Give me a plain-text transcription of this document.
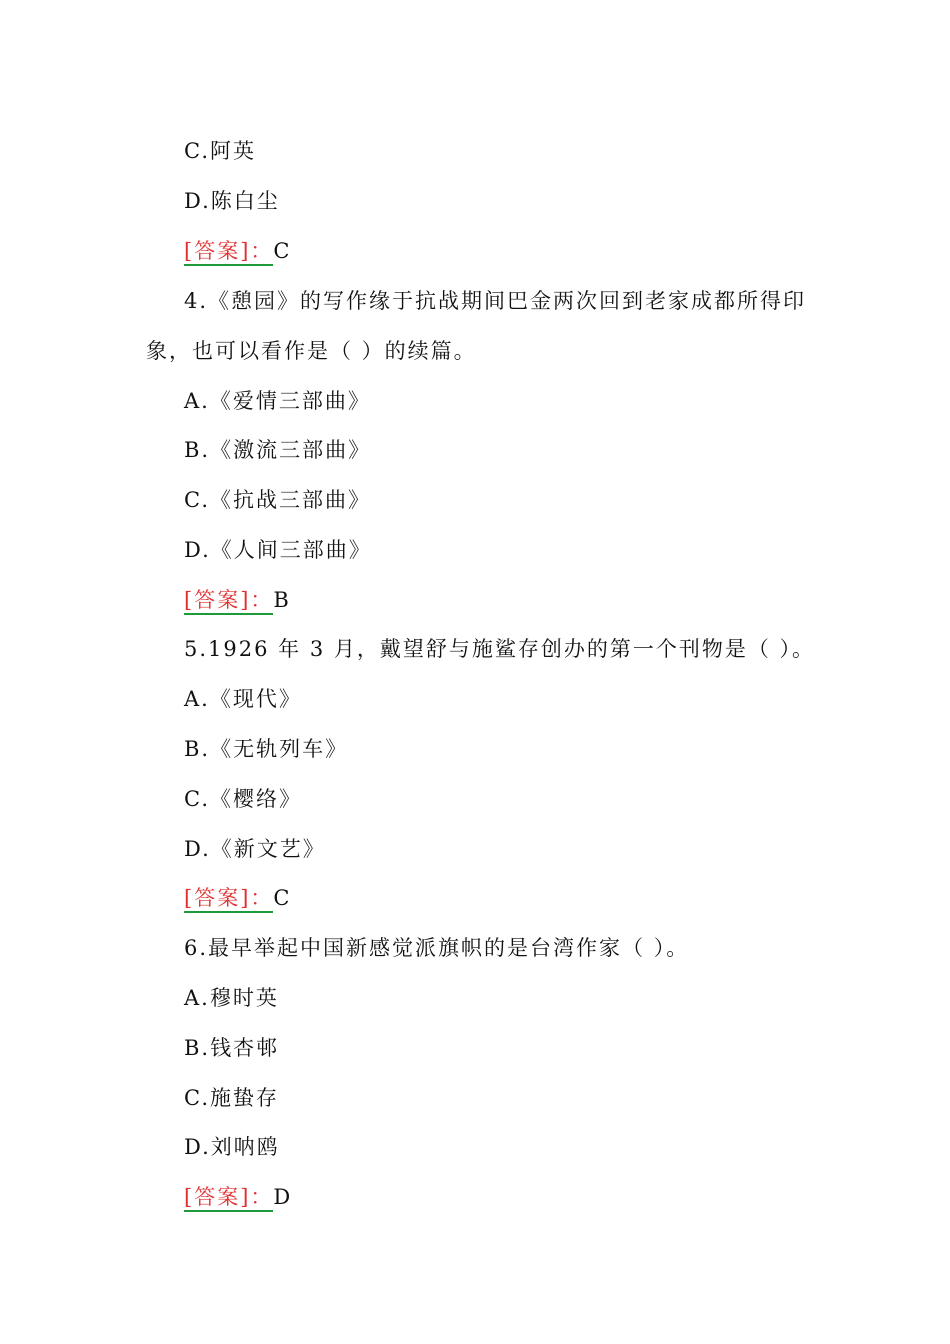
C.阿英
D.陈白尘
[答案]：C
4.《憩园》的写作缘于抗战期间巴金两次回到老家成都所得印
象，也可以看作是（ ）的续篇。
A.《爱情三部曲》
B.《激流三部曲》
C.《抗战三部曲》
D.《人间三部曲》
[答案]：B
5.1926 年 3 月，戴望舒与施鲨存创办的第一个刊物是（ ）。
A.《现代》
B.《无轨列车》
C.《樱络》
D.《新文艺》
[答案]：C
6.最早举起中国新感觉派旗帜的是台湾作家（ ）。
A.穆时英
B.钱杏邨
C.施蛰存
D.刘呐鸥
[答案]：D
